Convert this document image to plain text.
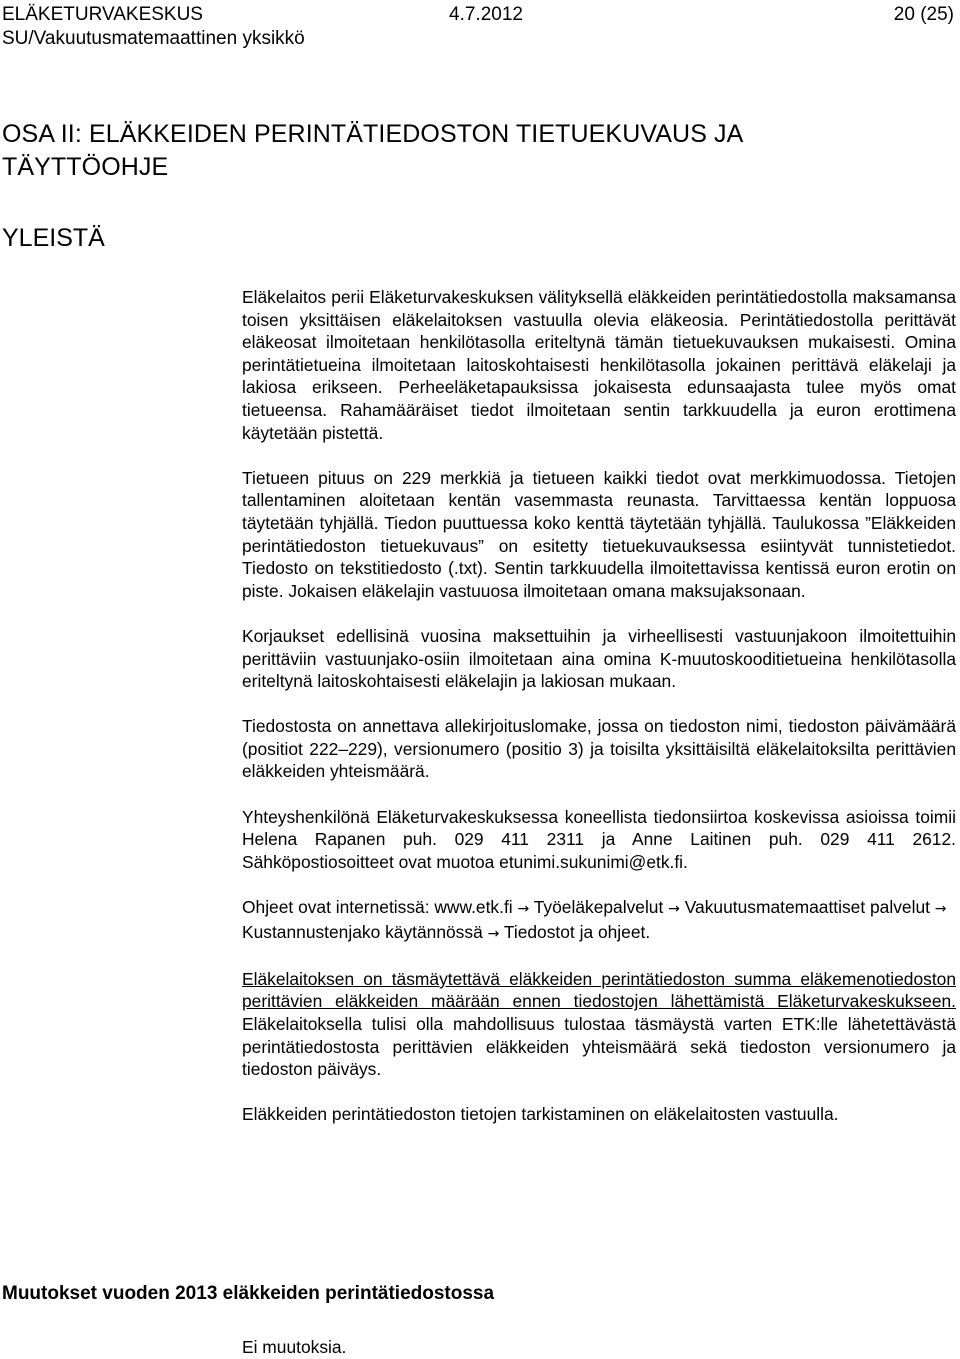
ELÄKETURVAKESKUS	4.7.2012	20 (25)
SU/Vakuutusmatemaattinen yksikkö
OSA II: ELÄKKEIDEN PERINTÄTIEDOSTON TIETUEKUVAUS JA TÄYTTÖOHJE
YLEISTÄ

Eläkelaitos perii Eläketurvakeskuksen välityksellä eläkkeiden perintätiedostolla maksamansa toisen yksittäisen eläkelaitoksen vastuulla olevia eläkeosia. Perintätiedostolla perittävät eläkeosat ilmoitetaan henkilötasolla eriteltynä tämän tietuekuvauksen mukaisesti. Omina perintätietueina ilmoitetaan laitoskohtaisesti henkilötasolla jokainen perittävä eläkelaji ja lakiosa erikseen. Perheeläketapauksissa jokaisesta edunsaajasta tulee myös omat tietueensa. Rahamääräiset tiedot ilmoitetaan sentin tarkkuudella ja euron erottimena käytetään pistettä.

Tietueen pituus on 229 merkkiä ja tietueen kaikki tiedot ovat merkkimuodossa. Tietojen tallentaminen aloitetaan kentän vasemmasta reunasta. Tarvittaessa kentän loppuosa täytetään tyhjällä. Tiedon puuttuessa koko kenttä täytetään tyhjällä. Taulukossa ”Eläkkeiden perintätiedoston tietuekuvaus” on esitetty tietuekuvauksessa esiintyvät tunnistetiedot. Tiedosto on tekstitiedosto (.txt). Sentin tarkkuudella ilmoitettavissa kentissä euron erotin on piste. Jokaisen eläkelajin vastuuosa ilmoitetaan omana maksujaksonaan.

Korjaukset edellisinä vuosina maksettuihin ja virheellisesti vastuunjakoon ilmoitettuihin perittäviin vastuunjako-osiin ilmoitetaan aina omina K-muutoskooditietueina henkilötasolla eriteltynä laitoskohtaisesti eläkelajin ja lakiosan mukaan.

Tiedostosta on annettava allekirjoituslomake, jossa on tiedoston nimi, tiedoston päivämäärä (positiot 222–229), versionumero (positio 3) ja toisilta yksittäisiltä eläkelaitoksilta perittävien eläkkeiden yhteismäärä.

Yhteyshenkilönä Eläketurvakeskuksessa koneellista tiedonsiirtoa koskevissa asioissa toimii Helena Rapanen puh. 029 411 2311 ja Anne Laitinen puh. 029 411 2612. Sähköpostiosoitteet ovat muotoa etunimi.sukunimi@etk.fi.

Ohjeet ovat internetissä: www.etk.fi → Työeläkepalvelut → Vakuutusmatemaattiset palvelut → Kustannustenjako käytännössä → Tiedostot ja ohjeet.

Eläkelaitoksen on täsmäytettävä eläkkeiden perintätiedoston summa eläkemenotiedoston perittävien eläkkeiden määrään ennen tiedostojen lähettämistä Eläketurvakeskukseen. Eläkelaitoksella tulisi olla mahdollisuus tulostaa täsmäystä varten ETK:lle lähetettävästä perintätiedostosta perittävien eläkkeiden yhteismäärä sekä tiedoston versionumero ja tiedoston päiväys.

Eläkkeiden perintätiedoston tietojen tarkistaminen on eläkelaitosten vastuulla.

Muutokset vuoden 2013 eläkkeiden perintätiedostossa
Ei muutoksia.
